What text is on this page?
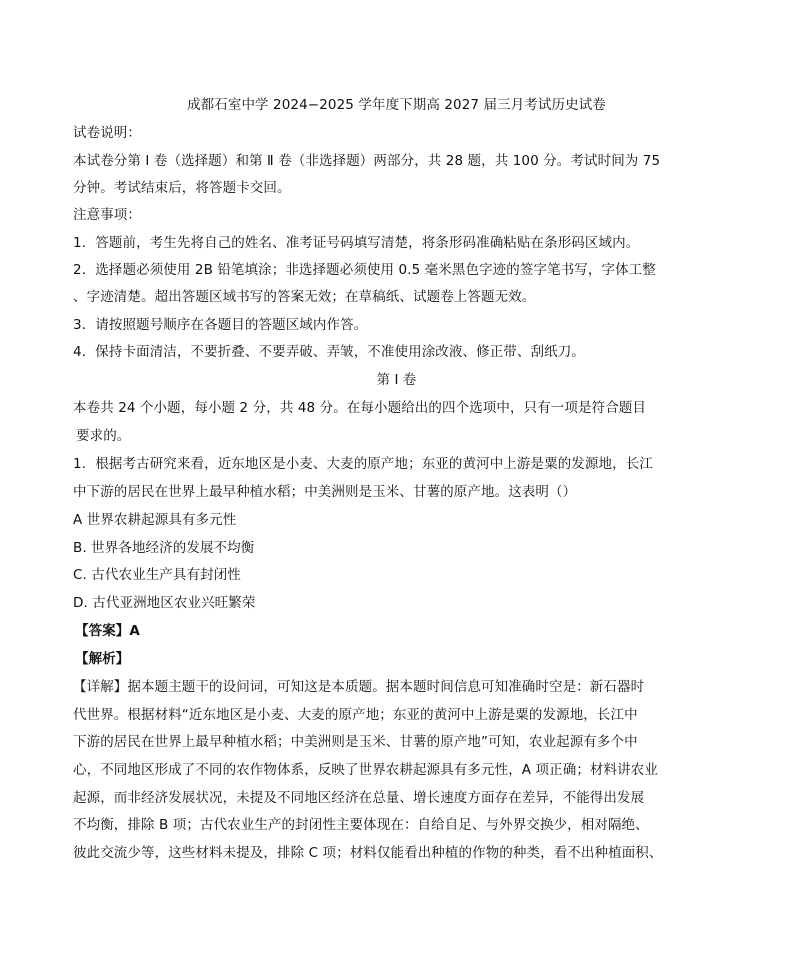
成都石室中学 2024−2025 学年度下期高 2027 届三月考试历史试卷
试卷说明：
本试卷分第 Ⅰ 卷（选择题）和第 Ⅱ 卷（非选择题）两部分，共 28 题，共 100 分。考试时间为 75
分钟。考试结束后，将答题卡交回。
注意事项：
1．答题前，考生先将自己的姓名、准考证号码填写清楚，将条形码准确粘贴在条形码区域内。
2．选择题必须使用 2B 铅笔填涂；非选择题必须使用 0.5 毫米黑色字迹的签字笔书写，字体工整
、字迹清楚。超出答题区域书写的答案无效；在草稿纸、试题卷上答题无效。
3．请按照题号顺序在各题目的答题区域内作答。
4．保持卡面清洁，不要折叠、不要弄破、弄皱，不准使用涂改液、修正带、刮纸刀。
第 Ⅰ 卷
本卷共 24 个小题，每小题 2 分，共 48 分。在每小题给出的四个选项中，只有一项是符合题目
要求的。
1．根据考古研究来看，近东地区是小麦、大麦的原产地；东亚的黄河中上游是粟的发源地，长江
中下游的居民在世界上最早种植水稻；中美洲则是玉米、甘薯的原产地。这表明（）
A 世界农耕起源具有多元性
B. 世界各地经济的发展不均衡
C. 古代农业生产具有封闭性
D. 古代亚洲地区农业兴旺繁荣
【答案】A
【解析】
【详解】据本题主题干的设问词，可知这是本质题。据本题时间信息可知准确时空是：新石器时
代世界。根据材料“近东地区是小麦、大麦的原产地；东亚的黄河中上游是粟的发源地，长江中
下游的居民在世界上最早种植水稻；中美洲则是玉米、甘薯的原产地”可知，农业起源有多个中
心，不同地区形成了不同的农作物体系，反映了世界农耕起源具有多元性，A 项正确；材料讲农业
起源，而非经济发展状况，未提及不同地区经济在总量、增长速度方面存在差异，不能得出发展
不均衡，排除 B 项；古代农业生产的封闭性主要体现在：自给自足、与外界交换少，相对隔绝、
彼此交流少等，这些材料未提及，排除 C 项；材料仅能看出种植的作物的种类，看不出种植面积、
